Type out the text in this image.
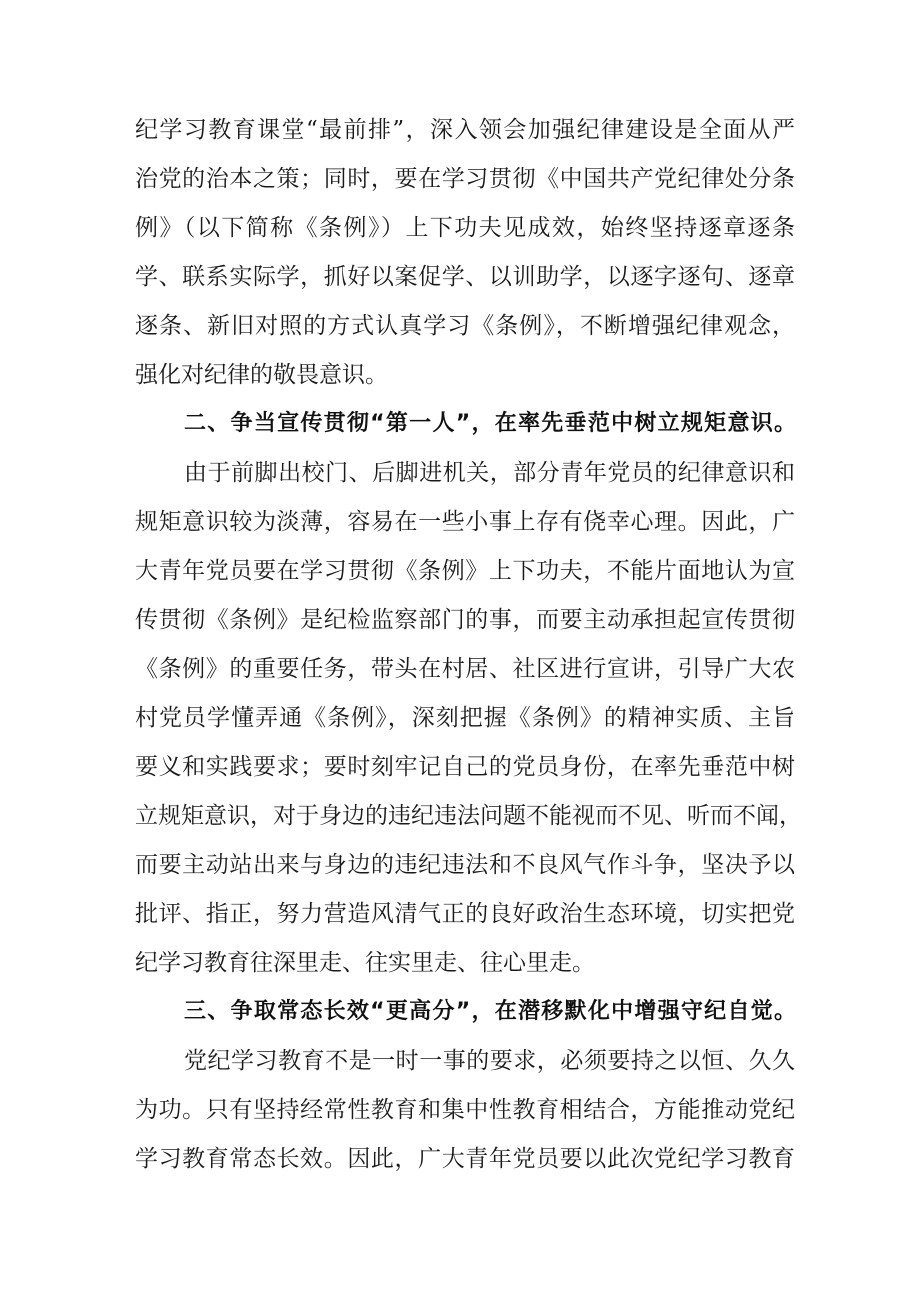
纪学习教育课堂“最前排”，深入领会加强纪律建设是全面从严
治党的治本之策；同时，要在学习贯彻《中国共产党纪律处分条
例》（以下简称《条例》）上下功夫见成效，始终坚持逐章逐条
学、联系实际学，抓好以案促学、以训助学，以逐字逐句、逐章
逐条、新旧对照的方式认真学习《条例》，不断增强纪律观念，
强化对纪律的敬畏意识。
二、争当宣传贯彻“第一人”，在率先垂范中树立规矩意识。
由于前脚出校门、后脚进机关，部分青年党员的纪律意识和
规矩意识较为淡薄，容易在一些小事上存有侥幸心理。因此，广
大青年党员要在学习贯彻《条例》上下功夫，不能片面地认为宣
传贯彻《条例》是纪检监察部门的事，而要主动承担起宣传贯彻
《条例》的重要任务，带头在村居、社区进行宣讲，引导广大农
村党员学懂弄通《条例》，深刻把握《条例》的精神实质、主旨
要义和实践要求；要时刻牢记自己的党员身份，在率先垂范中树
立规矩意识，对于身边的违纪违法问题不能视而不见、听而不闻，
而要主动站出来与身边的违纪违法和不良风气作斗争，坚决予以
批评、指正，努力营造风清气正的良好政治生态环境，切实把党
纪学习教育往深里走、往实里走、往心里走。
三、争取常态长效“更高分”，在潜移默化中增强守纪自觉。
党纪学习教育不是一时一事的要求，必须要持之以恒、久久
为功。只有坚持经常性教育和集中性教育相结合，方能推动党纪
学习教育常态长效。因此，广大青年党员要以此次党纪学习教育
